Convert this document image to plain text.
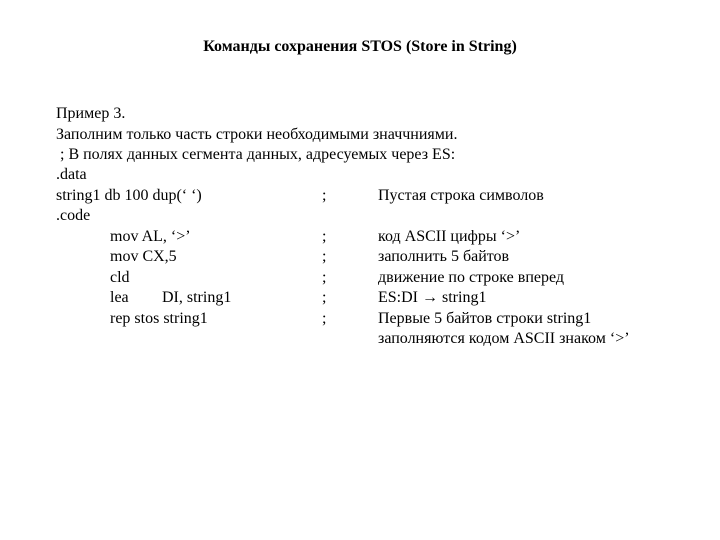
Команды сохранения STOS (Store in String)
Пример 3.
Заполним только часть строки необходимыми значчниями.
; В полях данных сегмента данных, адресуемых через ES:
.data
string1 db 100 dup(‘ ‘)	;	Пустая строка символов
.code
mov AL, ‘>’	;	код ASCII цифры ‘>’
mov CX,5	;	заполнить 5 байтов
cld	;	движение по строке вперед
lea DI, string1	;	ES:DI → string1
rep stos string1	;	Первые 5 байтов строки string1
заполняются кодом ASCII знаком ‘>’
